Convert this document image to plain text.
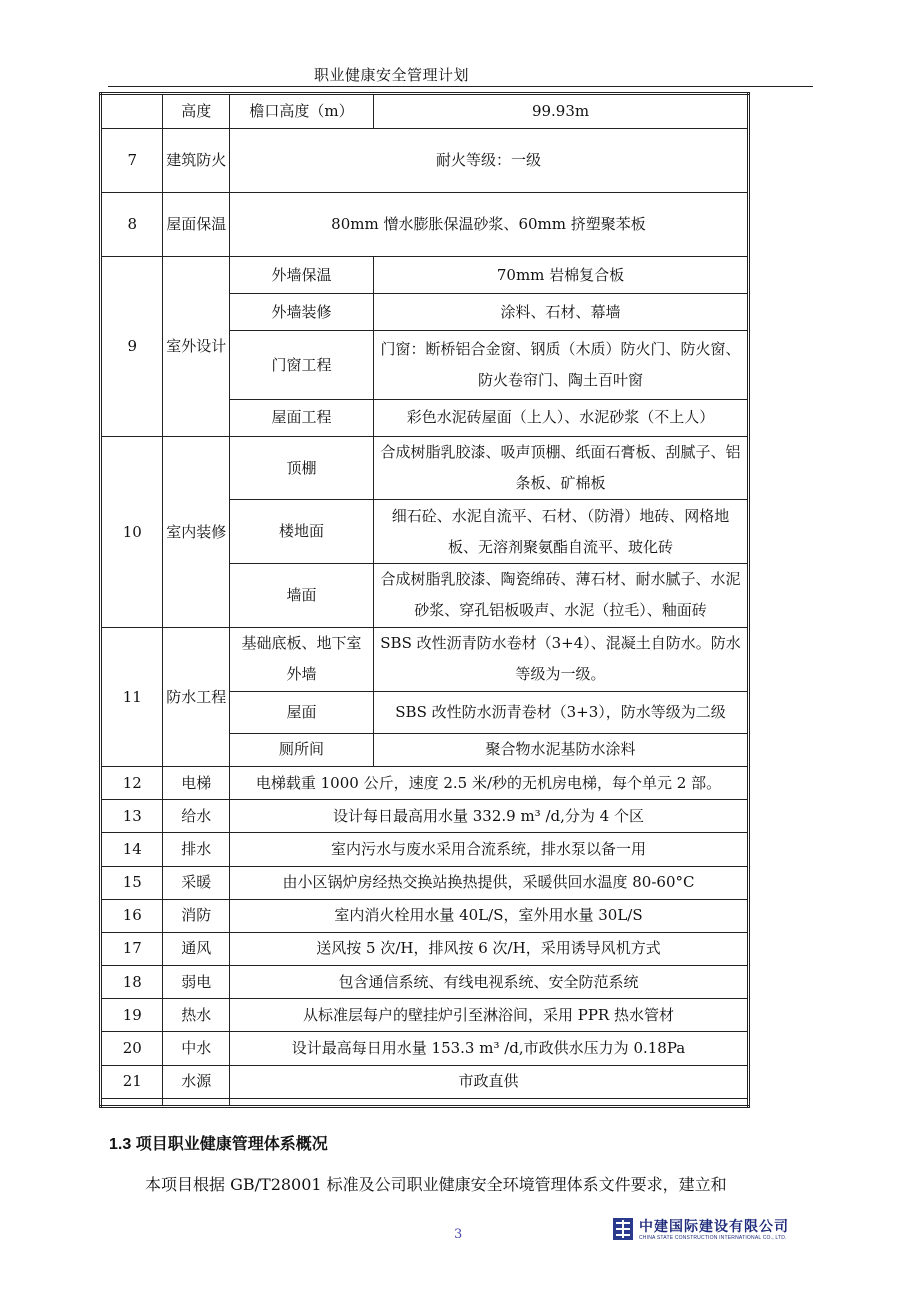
职业健康安全管理计划
	高度	檐口高度（m）	99.93m
7	建筑防火	耐火等级：一级	
8	屋面保温	80mm 憎水膨胀保温砂浆、60mm 挤塑聚苯板	
9	室外设计	外墙保温	70mm 岩棉复合板
		外墙装修	涂料、石材、幕墙
		门窗工程	门窗：断桥铝合金窗、钢质（木质）防火门、防火窗、防火卷帘门、陶土百叶窗
		屋面工程	彩色水泥砖屋面（上人）、水泥砂浆（不上人）
10	室内装修	顶棚	合成树脂乳胶漆、吸声顶棚、纸面石膏板、刮腻子、铝条板、矿棉板
		楼地面	细石砼、水泥自流平、石材、（防滑）地砖、网格地板、无溶剂聚氨酯自流平、玻化砖
		墙面	合成树脂乳胶漆、陶瓷绵砖、薄石材、耐水腻子、水泥砂浆、穿孔铝板吸声、水泥（拉毛）、釉面砖
11	防水工程	基础底板、地下室外墙	SBS 改性沥青防水卷材（3+4）、混凝土自防水。防水等级为一级。
		屋面	SBS 改性防水沥青卷材（3+3），防水等级为二级
		厕所间	聚合物水泥基防水涂料
12	电梯	电梯载重 1000 公斤，速度 2.5 米/秒的无机房电梯，每个单元 2 部。	
13	给水	设计每日最高用水量 332.9 m³ /d,分为 4 个区	
14	排水	室内污水与废水采用合流系统，排水泵以备一用	
15	采暖	由小区锅炉房经热交换站换热提供，采暖供回水温度 80-60°C	
16	消防	室内消火栓用水量 40L/S，室外用水量 30L/S	
17	通风	送风按 5 次/H，排风按 6 次/H，采用诱导风机方式	
18	弱电	包含通信系统、有线电视系统、安全防范系统	
19	热水	从标准层每户的壁挂炉引至淋浴间，采用 PPR 热水管材	
20	中水	设计最高每日用水量 153.3 m³ /d,市政供水压力为 0.18Pa	
21	水源	市政直供	

1.3 项目职业健康管理体系概况
本项目根据 GB/T28001 标准及公司职业健康安全环境管理体系文件要求，建立和
3	中建国际建设有限公司
CHINA STATE CONSTRUCTION INTERNATIONAL CO., LTD.
